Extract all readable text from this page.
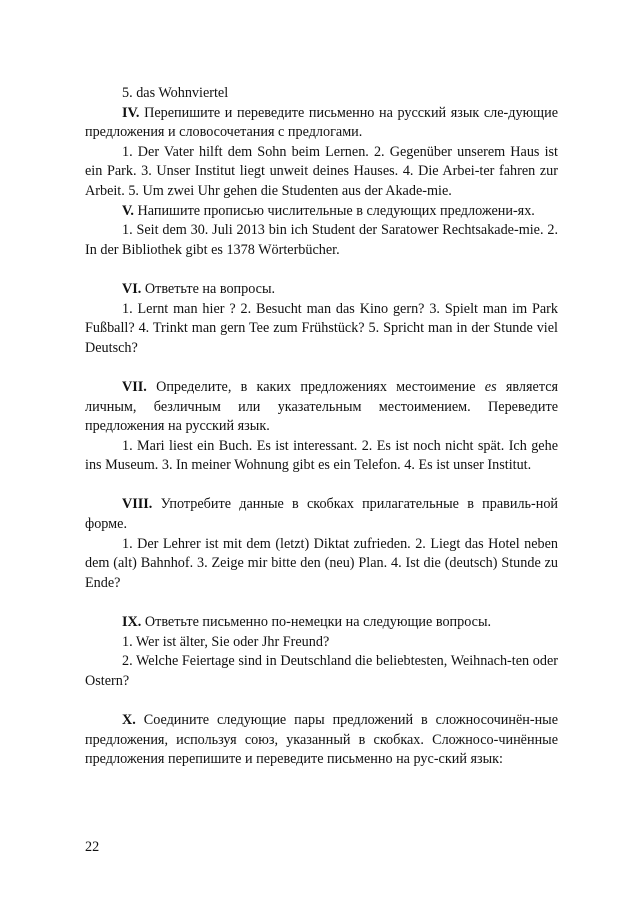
5. das Wohnviertel

IV. Перепишите и переведите письменно на русский язык сле-дующие предложения и словосочетания с предлогами.

1. Der Vater hilft dem Sohn beim Lernen. 2. Gegenüber unserem Haus ist ein Park. 3. Unser Institut liegt unweit deines Hauses. 4. Die Arbei-ter fahren zur Arbeit. 5. Um zwei Uhr gehen die Studenten aus der Akade-mie.

V. Напишите прописью числительные в следующих предложени-ях.

1. Seit dem 30. Juli 2013 bin ich Student der Saratower Rechtsakade-mie. 2. In der Bibliothek gibt es 1378 Wörterbücher.

VI. Ответьте на вопросы.

1. Lernt man hier ? 2. Besucht man das Kino gern? 3. Spielt man im Park Fußball? 4. Trinkt man gern Tee zum Frühstück? 5. Spricht man in der Stunde viel Deutsch?

VII. Определите, в каких предложениях местоимение es является личным, безличным или указательным местоимением. Переведите предложения на русский язык.

1. Mari liest ein Buch. Es ist interessant. 2. Es ist noch nicht spät. Ich gehe ins Museum. 3. In meiner Wohnung gibt es ein Telefon. 4. Es ist unser Institut.

VIII. Употребите данные в скобках прилагательные в правиль-ной форме.

1. Der Lehrer ist mit dem (letzt) Diktat zufrieden. 2. Liegt das Hotel neben dem (alt) Bahnhof. 3. Zeige mir bitte den (neu) Plan. 4. Ist die (deutsch) Stunde zu Ende?

IX. Ответьте письменно по-немецки на следующие вопросы.

1. Wer ist älter, Sie oder Jhr Freund?

2. Welche Feiertage sind in Deutschland die beliebtesten, Weihnach-ten oder Ostern?

X. Соедините следующие пары предложений в сложносочинён-ные предложения, используя союз, указанный в скобках. Сложносо-чинённые предложения перепишите и переведите письменно на рус-ский язык:

22
